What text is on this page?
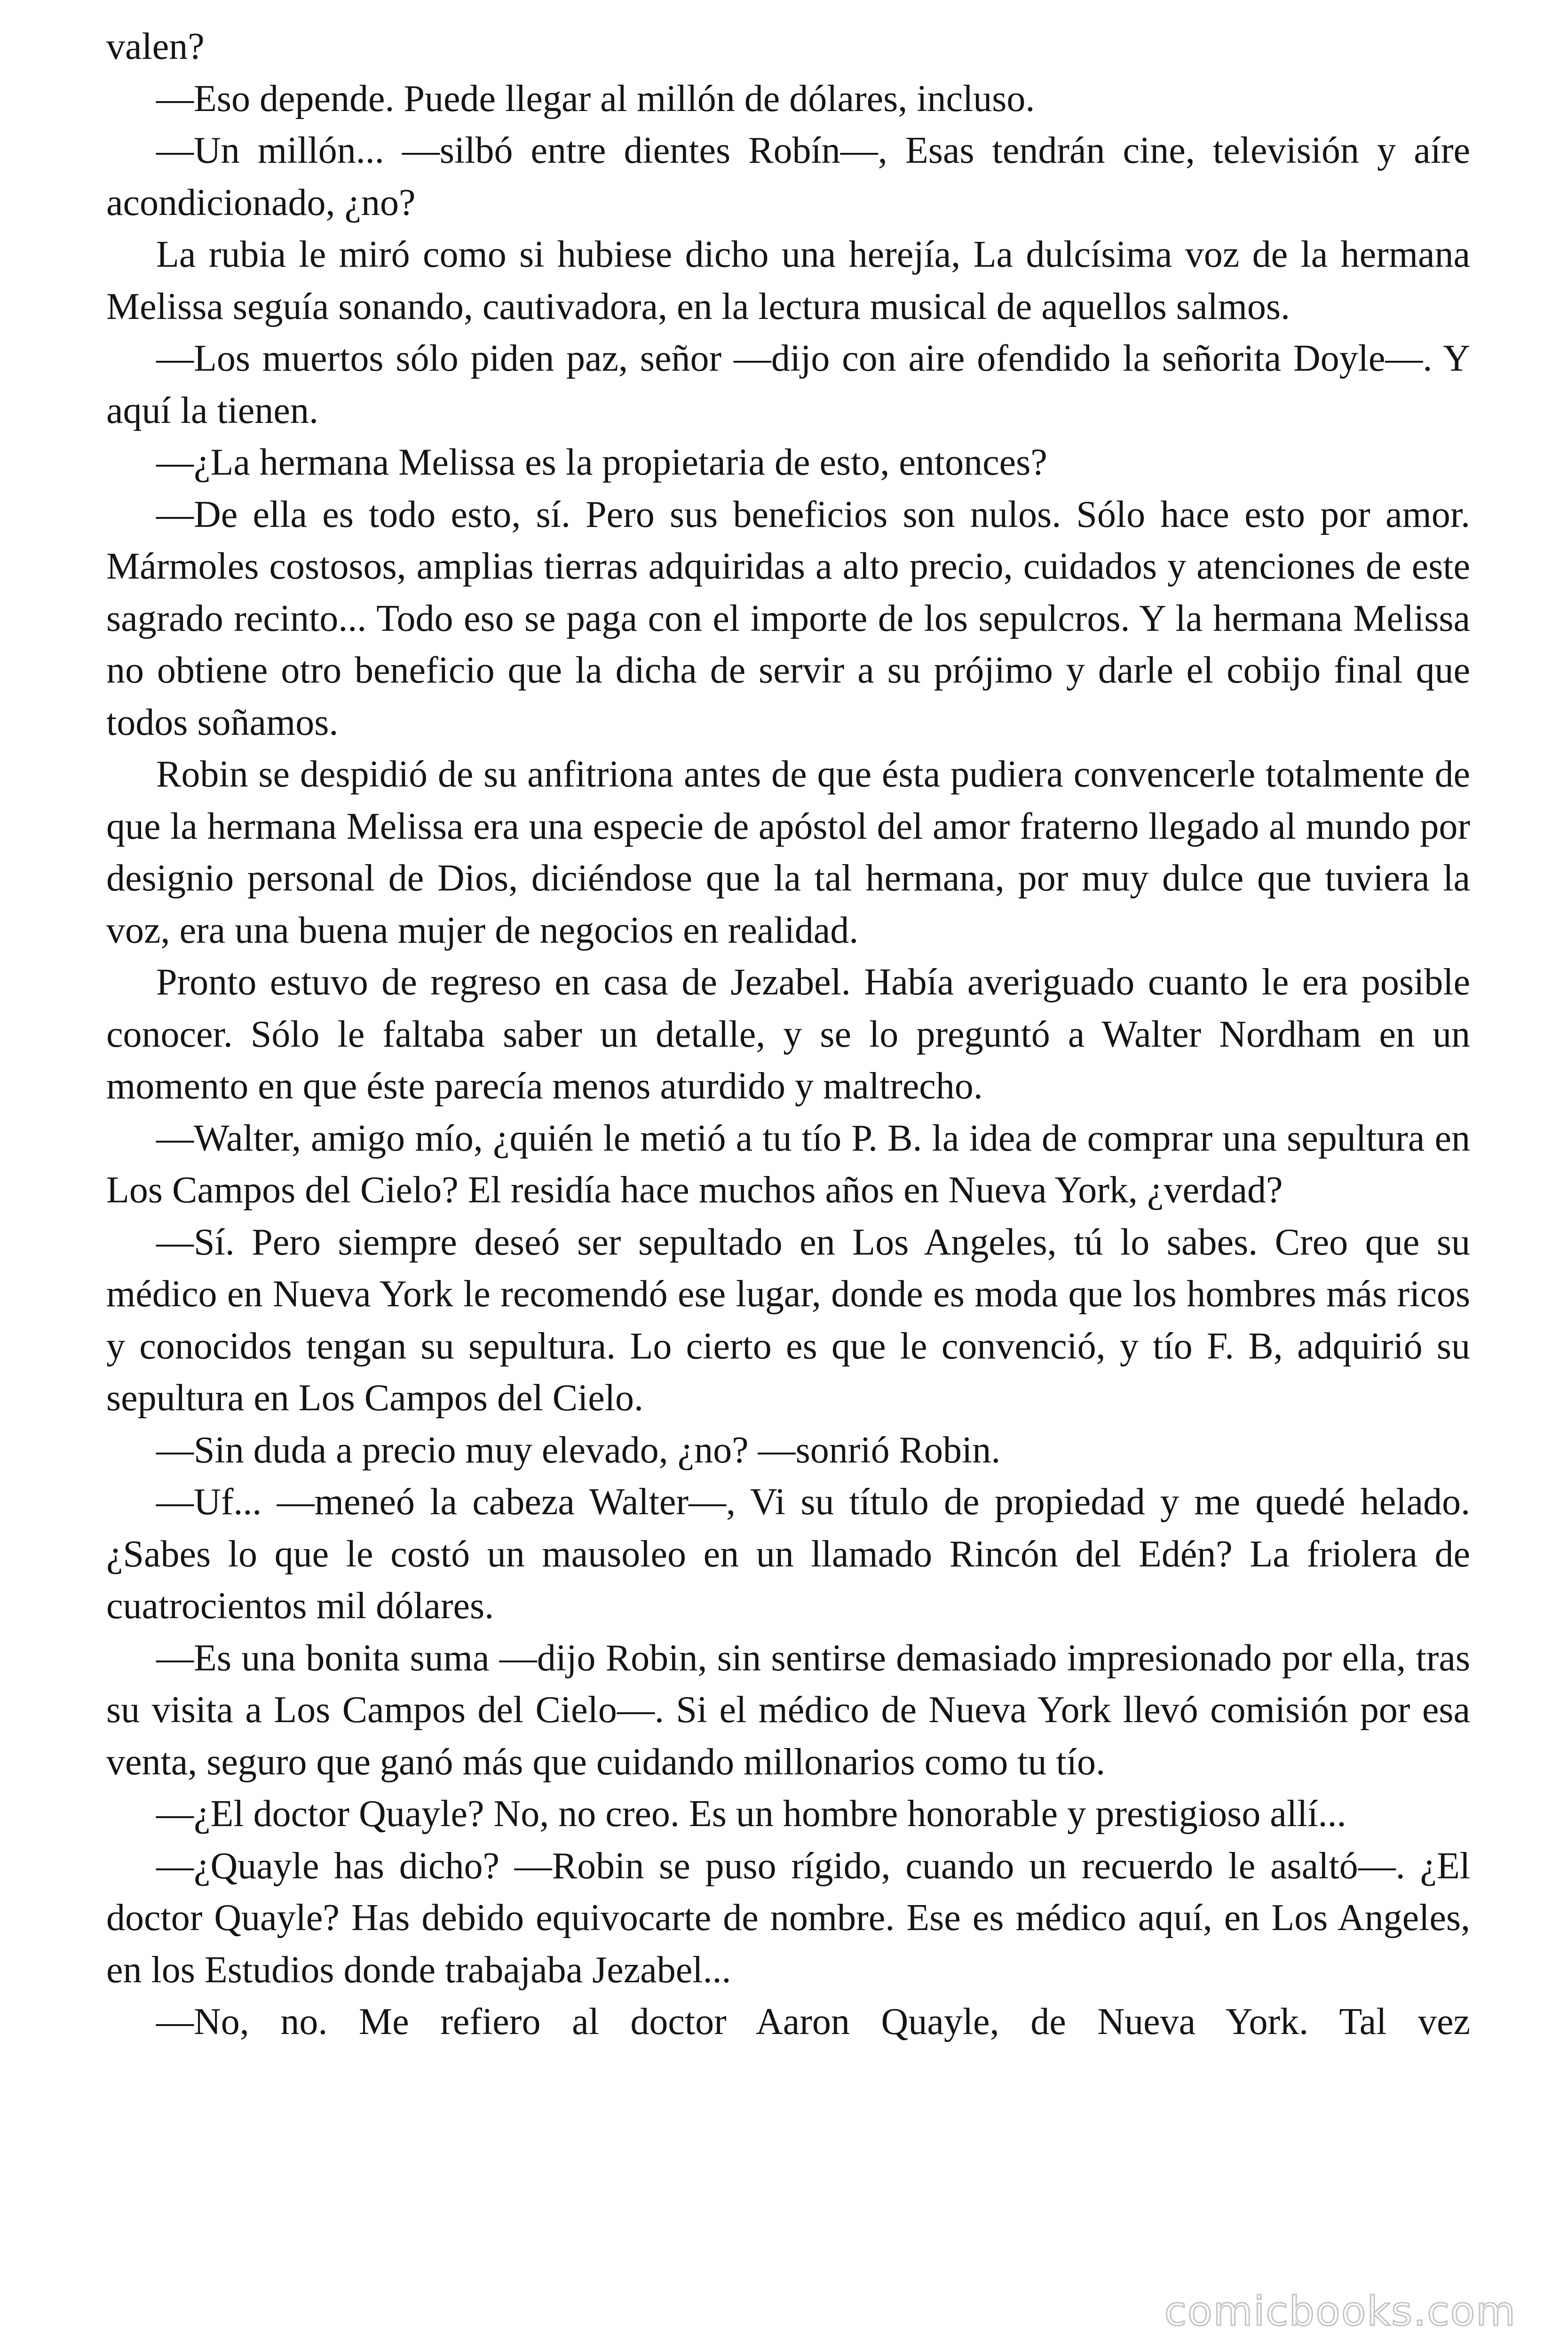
valen?

—Eso depende. Puede llegar al millón de dólares, incluso.

—Un millón... —silbó entre dientes Robín—, Esas tendrán cine, televisión y aíre acondicionado, ¿no?

La rubia le miró como si hubiese dicho una herejía, La dulcísima voz de la hermana Melissa seguía sonando, cautivadora, en la lectura musical de aquellos salmos.

—Los muertos sólo piden paz, señor —dijo con aire ofendido la señorita Doyle—. Y aquí la tienen.

—¿La hermana Melissa es la propietaria de esto, entonces?

—De ella es todo esto, sí. Pero sus beneficios son nulos. Sólo hace esto por amor. Mármoles costosos, amplias tierras adquiridas a alto precio, cuidados y atenciones de este sagrado recinto... Todo eso se paga con el importe de los sepulcros. Y la hermana Melissa no obtiene otro beneficio que la dicha de servir a su prójimo y darle el cobijo final que todos soñamos.

Robin se despidió de su anfitriona antes de que ésta pudiera convencerle totalmente de que la hermana Melissa era una especie de apóstol del amor fraterno llegado al mundo por designio personal de Dios, diciéndose que la tal hermana, por muy dulce que tuviera la voz, era una buena mujer de negocios en realidad.

Pronto estuvo de regreso en casa de Jezabel. Había averiguado cuanto le era posible conocer. Sólo le faltaba saber un detalle, y se lo preguntó a Walter Nordham en un momento en que éste parecía menos aturdido y maltrecho.

—Walter, amigo mío, ¿quién le metió a tu tío P. B. la idea de comprar una sepultura en Los Campos del Cielo? El residía hace muchos años en Nueva York, ¿verdad?

—Sí. Pero siempre deseó ser sepultado en Los Angeles, tú lo sabes. Creo que su médico en Nueva York le recomendó ese lugar, donde es moda que los hombres más ricos y conocidos tengan su sepultura. Lo cierto es que le convenció, y tío F. B, adquirió su sepultura en Los Campos del Cielo.

—Sin duda a precio muy elevado, ¿no? —sonrió Robin.

—Uf... —meneó la cabeza Walter—, Vi su título de propiedad y me quedé helado. ¿Sabes lo que le costó un mausoleo en un llamado Rincón del Edén? La friolera de cuatrocientos mil dólares.

—Es una bonita suma —dijo Robin, sin sentirse demasiado impresionado por ella, tras su visita a Los Campos del Cielo—. Si el médico de Nueva York llevó comisión por esa venta, seguro que ganó más que cuidando millonarios como tu tío.

—¿El doctor Quayle? No, no creo. Es un hombre honorable y prestigioso allí...

—¿Quayle has dicho? —Robin se puso rígido, cuando un recuerdo le asaltó—. ¿El doctor Quayle? Has debido equivocarte de nombre. Ese es médico aquí, en Los Angeles, en los Estudios donde trabajaba Jezabel...

—No, no. Me refiero al doctor Aaron Quayle, de Nueva York. Tal vez

comicbooks.com
